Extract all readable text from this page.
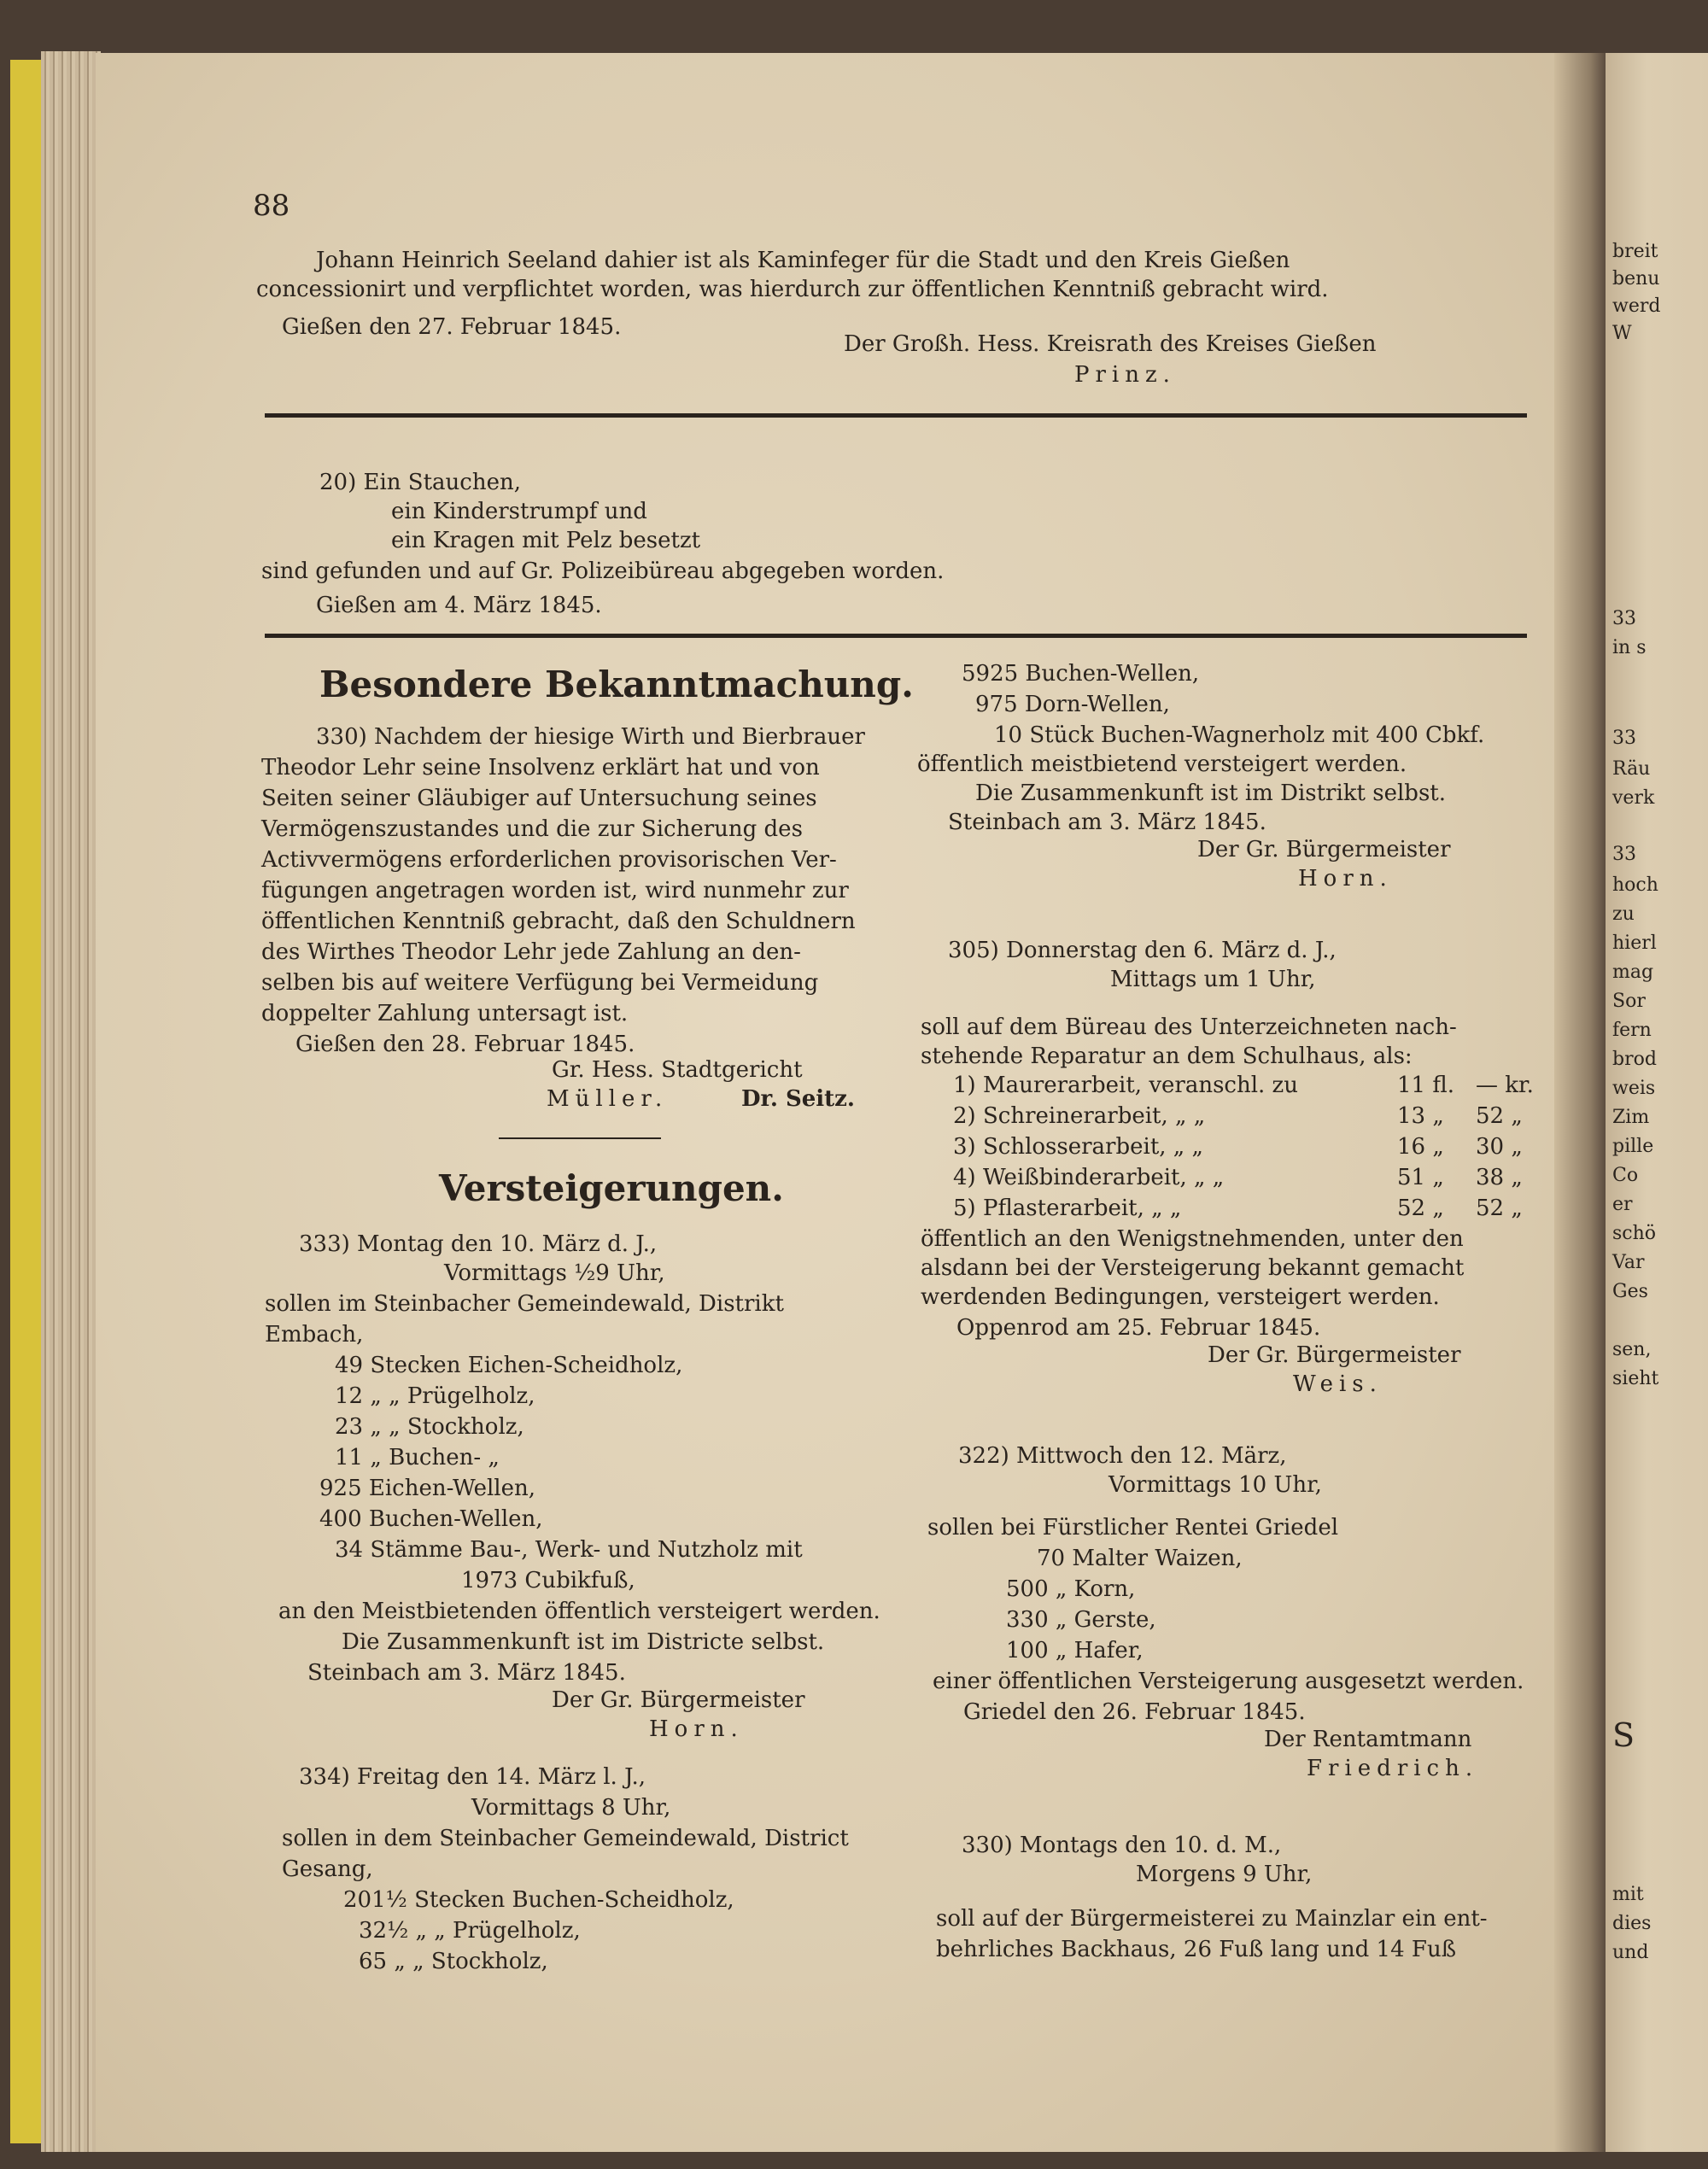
breit
benu
werd
W
33
in s
33
Räu
verk
33
hoch
zu
hierl
mag
Sor
fern
brod
weis
Zim
pille
Co
er
schö
Var
Ges
sen,
sieht
S
mit
dies
und
88
Johann Heinrich Seeland dahier ist als Kaminfeger für die Stadt und den Kreis Gießen
concessionirt und verpflichtet worden, was hierdurch zur öffentlichen Kenntniß gebracht wird.
Gießen den 27. Februar 1845.
Der Großh. Hess. Kreisrath des Kreises Gießen
Prinz.
20) Ein Stauchen,
ein Kinderstrumpf und
ein Kragen mit Pelz besetzt
sind gefunden und auf Gr. Polizeibüreau abgegeben worden.
Gießen am 4. März 1845.
Besondere Bekanntmachung.
330) Nachdem der hiesige Wirth und Bierbrauer
Theodor Lehr seine Insolvenz erklärt hat und von
Seiten seiner Gläubiger auf Untersuchung seines
Vermögenszustandes und die zur Sicherung des
Activvermögens erforderlichen provisorischen Ver-
fügungen angetragen worden ist, wird nunmehr zur
öffentlichen Kenntniß gebracht, daß den Schuldnern
des Wirthes Theodor Lehr jede Zahlung an den-
selben bis auf weitere Verfügung bei Vermeidung
doppelter Zahlung untersagt ist.
Gießen den 28. Februar 1845.
Gr. Hess. Stadtgericht
Müller.	Dr. Seitz.
Versteigerungen.
333) Montag den 10. März d. J.,
Vormittags ½9 Uhr,
sollen im Steinbacher Gemeindewald, Distrikt
Embach,
49 Stecken Eichen-Scheidholz,
12 „ „ Prügelholz,
23 „ „ Stockholz,
11 „ Buchen- „
925 Eichen-Wellen,
400 Buchen-Wellen,
34 Stämme Bau-, Werk- und Nutzholz mit
1973 Cubikfuß,
an den Meistbietenden öffentlich versteigert werden.
Die Zusammenkunft ist im Districte selbst.
Steinbach am 3. März 1845.
Der Gr. Bürgermeister
Horn.
334) Freitag den 14. März l. J.,
Vormittags 8 Uhr,
sollen in dem Steinbacher Gemeindewald, District
Gesang,
201½ Stecken Buchen-Scheidholz,
32½ „ „ Prügelholz,
65 „ „ Stockholz,
5925 Buchen-Wellen,
975 Dorn-Wellen,
10 Stück Buchen-Wagnerholz mit 400 Cbkf.
öffentlich meistbietend versteigert werden.
Die Zusammenkunft ist im Distrikt selbst.
Steinbach am 3. März 1845.
Der Gr. Bürgermeister
Horn.
305) Donnerstag den 6. März d. J.,
Mittags um 1 Uhr,
soll auf dem Büreau des Unterzeichneten nach-
stehende Reparatur an dem Schulhaus, als:
1) Maurerarbeit, veranschl. zu	11 fl. — kr.
2) Schreinerarbeit, „ „	13 „ 52 „
3) Schlosserarbeit, „ „	16 „ 30 „
4) Weißbinderarbeit, „ „	51 „ 38 „
5) Pflasterarbeit, „ „	52 „ 52 „
öffentlich an den Wenigstnehmenden, unter den
alsdann bei der Versteigerung bekannt gemacht
werdenden Bedingungen, versteigert werden.
Oppenrod am 25. Februar 1845.
Der Gr. Bürgermeister
Weis.
322) Mittwoch den 12. März,
Vormittags 10 Uhr,
sollen bei Fürstlicher Rentei Griedel
70 Malter Waizen,
500 „ Korn,
330 „ Gerste,
100 „ Hafer,
einer öffentlichen Versteigerung ausgesetzt werden.
Griedel den 26. Februar 1845.
Der Rentamtmann
Friedrich.
330) Montags den 10. d. M.,
Morgens 9 Uhr,
soll auf der Bürgermeisterei zu Mainzlar ein ent-
behrliches Backhaus, 26 Fuß lang und 14 Fuß
